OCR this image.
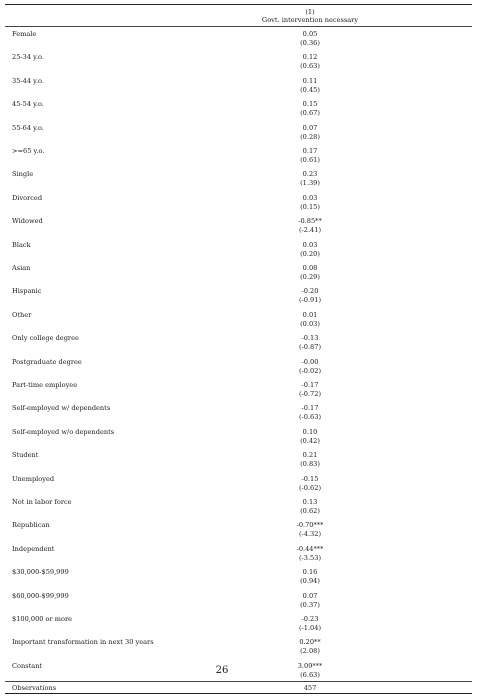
(1)
Govt. intervention necessary
Female	0.05
(0.36)
25-34 y.o.	0.12
(0.63)
35-44 y.o.	0.11
(0.45)
45-54 y.o.	0.15
(0.67)
55-64 y.o.	0.07
(0.28)
>=65 y.o.	0.17
(0.61)
Single	0.23
(1.39)
Divorced	0.03
(0.15)
Widowed	-0.85**
(-2.41)
Black	0.03
(0.20)
Asian	0.08
(0.29)
Hispanic	-0.20
(-0.91)
Other	0.01
(0.03)
Only college degree	-0.13
(-0.87)
Postgraduate degree	-0.00
(-0.02)
Part-time employee	-0.17
(-0.72)
Self-employed w/ dependents	-0.17
(-0.63)
Self-employed w/o dependents	0.10
(0.42)
Student	0.21
(0.83)
Unemployed	-0.15
(-0.62)
Not in labor force	0.13
(0.62)
Republican	-0.70***
(-4.32)
Independent	-0.44***
(-3.53)
$30,000-$59,999	0.16
(0.94)
$60,000-$99,999	0.07
(0.37)
$100,000 or more	-0.23
(-1.04)
Important transformation in next 30 years	0.20**
(2.08)
Constant	3.09***
(6.63)
Observations	457
26
